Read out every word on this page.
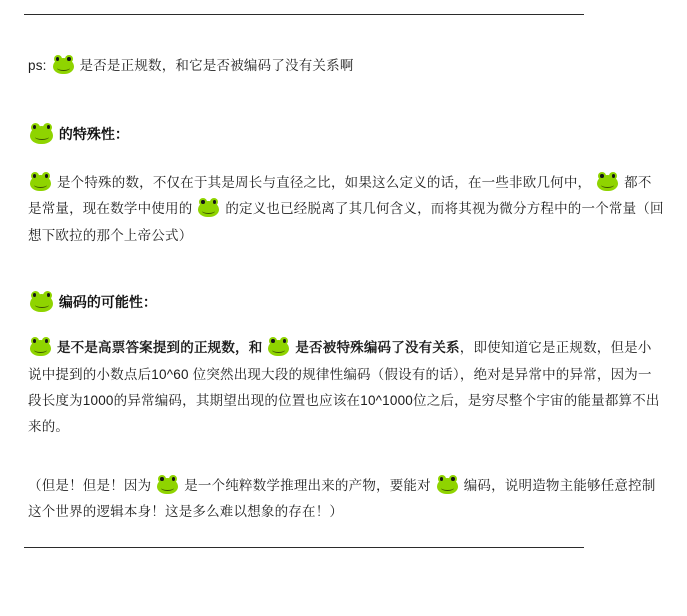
ps: 是否是正规数，和它是否被编码了没有关系啊

的特殊性：

是个特殊的数，不仅在于其是周长与直径之比，如果这么定义的话，在一些非欧几何中， 都不是常量，现在数学中使用的 的定义也已经脱离了其几何含义，而将其视为微分方程中的一个常量（回想下欧拉的那个上帝公式）

编码的可能性：

是不是高票答案提到的正规数，和 是否被特殊编码了没有关系，即使知道它是正规数，但是小说中提到的小数点后10^60 位突然出现大段的规律性编码（假设有的话），绝对是异常中的异常，因为一段长度为1000的异常编码，其期望出现的位置也应该在10^1000位之后，是穷尽整个宇宙的能量都算不出来的。

（但是！但是！因为 是一个纯粹数学推理出来的产物，要能对 编码，说明造物主能够任意控制这个世界的逻辑本身！这是多么难以想象的存在！）
